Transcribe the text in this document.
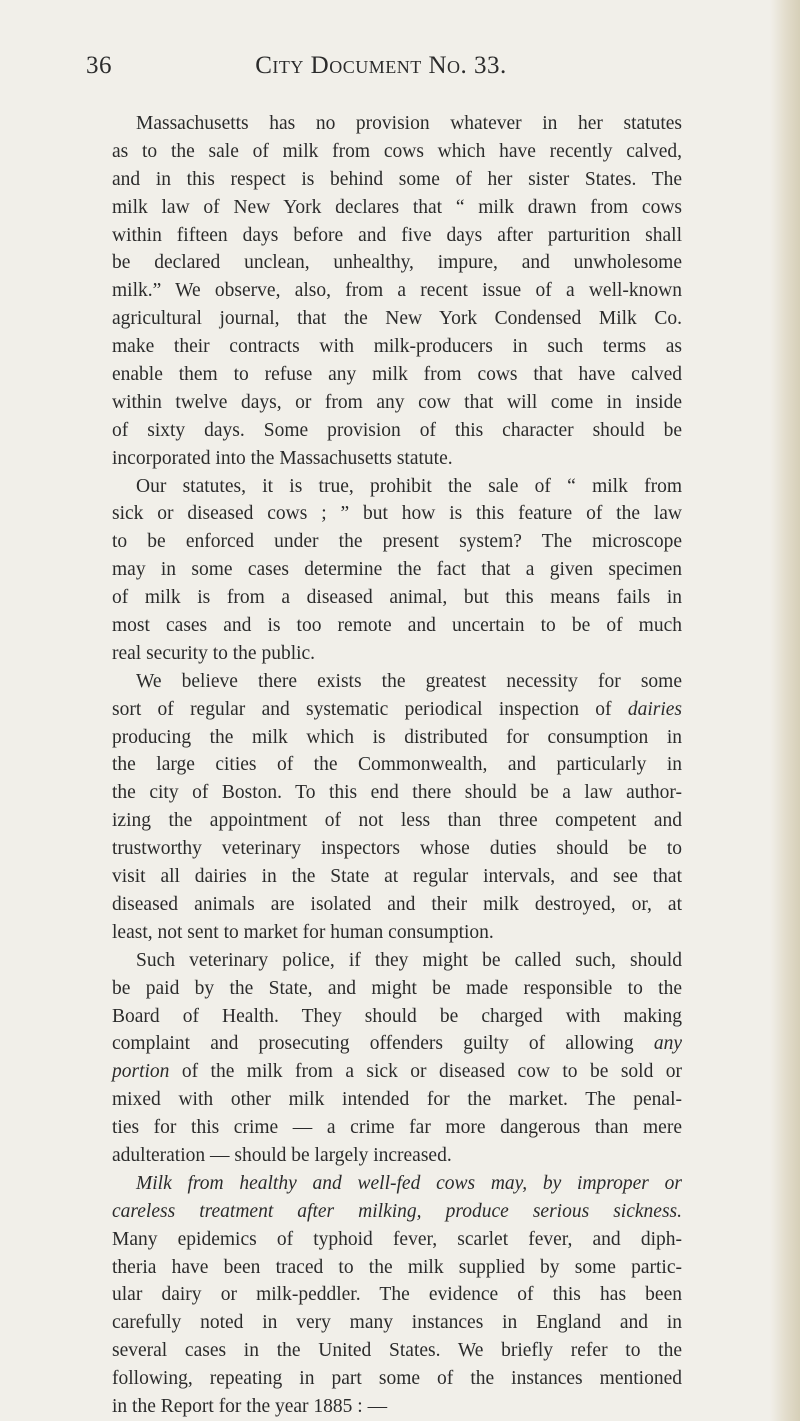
36	City Document No. 33.
Massachusetts has no provision whatever in her statutes
as to the sale of milk from cows which have recently calved,
and in this respect is behind some of her sister States. The
milk law of New York declares that “ milk drawn from cows
within fifteen days before and five days after parturition shall
be declared unclean, unhealthy, impure, and unwholesome
milk.” We observe, also, from a recent issue of a well-known
agricultural journal, that the New York Condensed Milk Co.
make their contracts with milk-producers in such terms as
enable them to refuse any milk from cows that have calved
within twelve days, or from any cow that will come in inside
of sixty days. Some provision of this character should be
incorporated into the Massachusetts statute.
Our statutes, it is true, prohibit the sale of “ milk from
sick or diseased cows ; ” but how is this feature of the law
to be enforced under the present system? The microscope
may in some cases determine the fact that a given specimen
of milk is from a diseased animal, but this means fails in
most cases and is too remote and uncertain to be of much
real security to the public.
We believe there exists the greatest necessity for some
sort of regular and systematic periodical inspection of dairies
producing the milk which is distributed for consumption in
the large cities of the Commonwealth, and particularly in
the city of Boston. To this end there should be a law author-
izing the appointment of not less than three competent and
trustworthy veterinary inspectors whose duties should be to
visit all dairies in the State at regular intervals, and see that
diseased animals are isolated and their milk destroyed, or, at
least, not sent to market for human consumption.
Such veterinary police, if they might be called such, should
be paid by the State, and might be made responsible to the
Board of Health. They should be charged with making
complaint and prosecuting offenders guilty of allowing any
portion of the milk from a sick or diseased cow to be sold or
mixed with other milk intended for the market. The penal-
ties for this crime — a crime far more dangerous than mere
adulteration — should be largely increased.
Milk from healthy and well-fed cows may, by improper or
careless treatment after milking, produce serious sickness.
Many epidemics of typhoid fever, scarlet fever, and diph-
theria have been traced to the milk supplied by some partic-
ular dairy or milk-peddler. The evidence of this has been
carefully noted in very many instances in England and in
several cases in the United States. We briefly refer to the
following, repeating in part some of the instances mentioned
in the Report for the year 1885 : —
